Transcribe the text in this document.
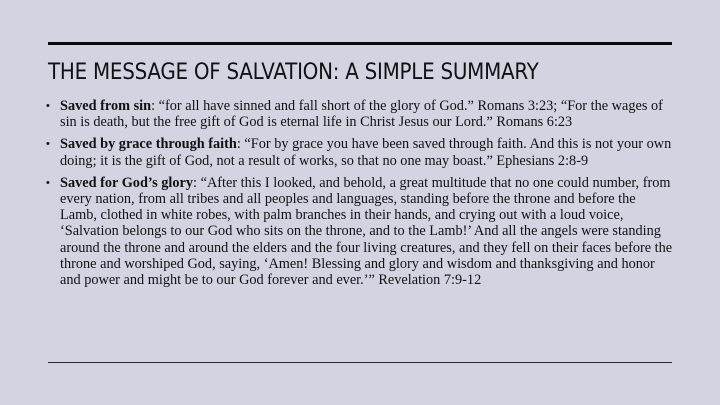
THE MESSAGE OF SALVATION: A SIMPLE SUMMARY
• Saved from sin: “for all have sinned and fall short of the glory of God.” Romans 3:23; “For the wages of sin is death, but the free gift of God is eternal life in Christ Jesus our Lord.” Romans 6:23
• Saved by grace through faith: “For by grace you have been saved through faith. And this is not your own doing; it is the gift of God, not a result of works, so that no one may boast.” Ephesians 2:8-9
• Saved for God’s glory: “After this I looked, and behold, a great multitude that no one could number, from every nation, from all tribes and all peoples and languages, standing before the throne and before the Lamb, clothed in white robes, with palm branches in their hands, and crying out with a loud voice, ‘Salvation belongs to our God who sits on the throne, and to the Lamb!’ And all the angels were standing around the throne and around the elders and the four living creatures, and they fell on their faces before the throne and worshiped God, saying, ‘Amen! Blessing and glory and wisdom and thanksgiving and honor and power and might be to our God forever and ever.’” Revelation 7:9-12
